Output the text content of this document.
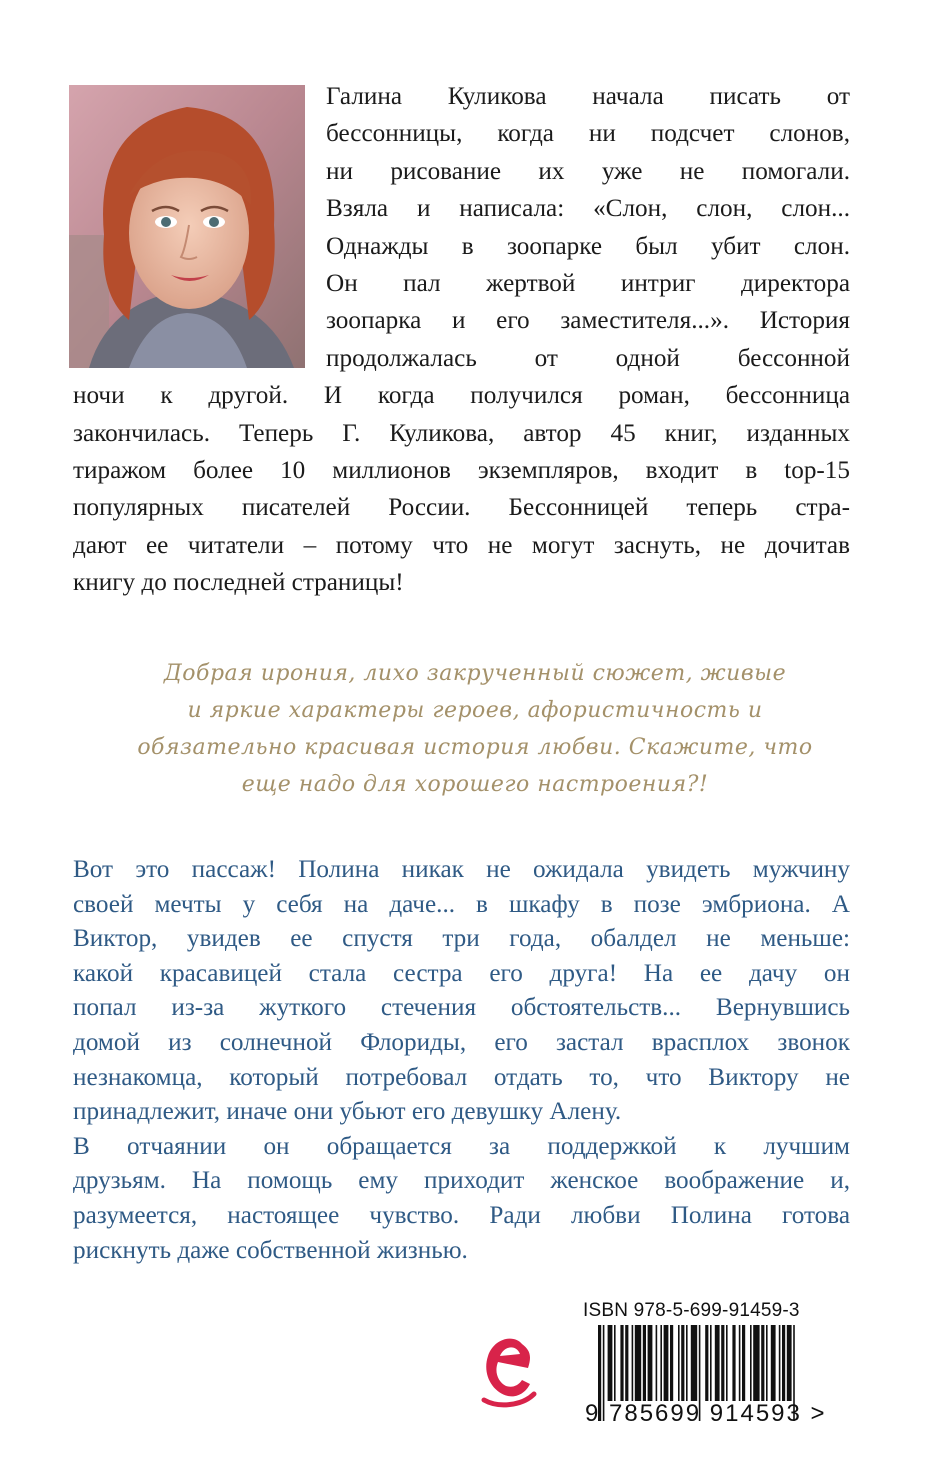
Галина Куликова начала писать от
бессонницы, когда ни подсчет слонов,
ни рисование их уже не помогали.
Взяла и написала: «Слон, слон, слон...
Однажды в зоопарке был убит слон.
Он пал жертвой интриг директора
зоопарка и его заместителя...». История
продолжалась от одной бессонной
ночи к другой. И когда получился роман, бессонница
закончилась. Теперь Г. Куликова, автор 45 книг, изданных
тиражом более 10 миллионов экземпляров, входит в top-15
популярных писателей России. Бессонницей теперь стра-
дают ее читатели – потому что не могут заснуть, не дочитав
книгу до последней страницы!
Добрая ирония, лихо закрученный сюжет, живые
и яркие характеры героев, афористичность и
обязательно красивая история любви. Скажите, что
еще надо для хорошего настроения?!
Вот это пассаж! Полина никак не ожидала увидеть мужчину
своей мечты у себя на даче... в шкафу в позе эмбриона. А
Виктор, увидев ее спустя три года, обалдел не меньше:
какой красавицей стала сестра его друга! На ее дачу он
попал из-за жуткого стечения обстоятельств... Вернувшись
домой из солнечной Флориды, его застал врасплох звонок
незнакомца, который потребовал отдать то, что Виктору не
принадлежит, иначе они убьют его девушку Алену.
В отчаянии он обращается за поддержкой к лучшим
друзьям. На помощь ему приходит женское воображение и,
разумеется, настоящее чувство. Ради любви Полина готова
рискнуть даже собственной жизнью.
ISBN 978-5-699-91459-3
9 785699 914593 >
